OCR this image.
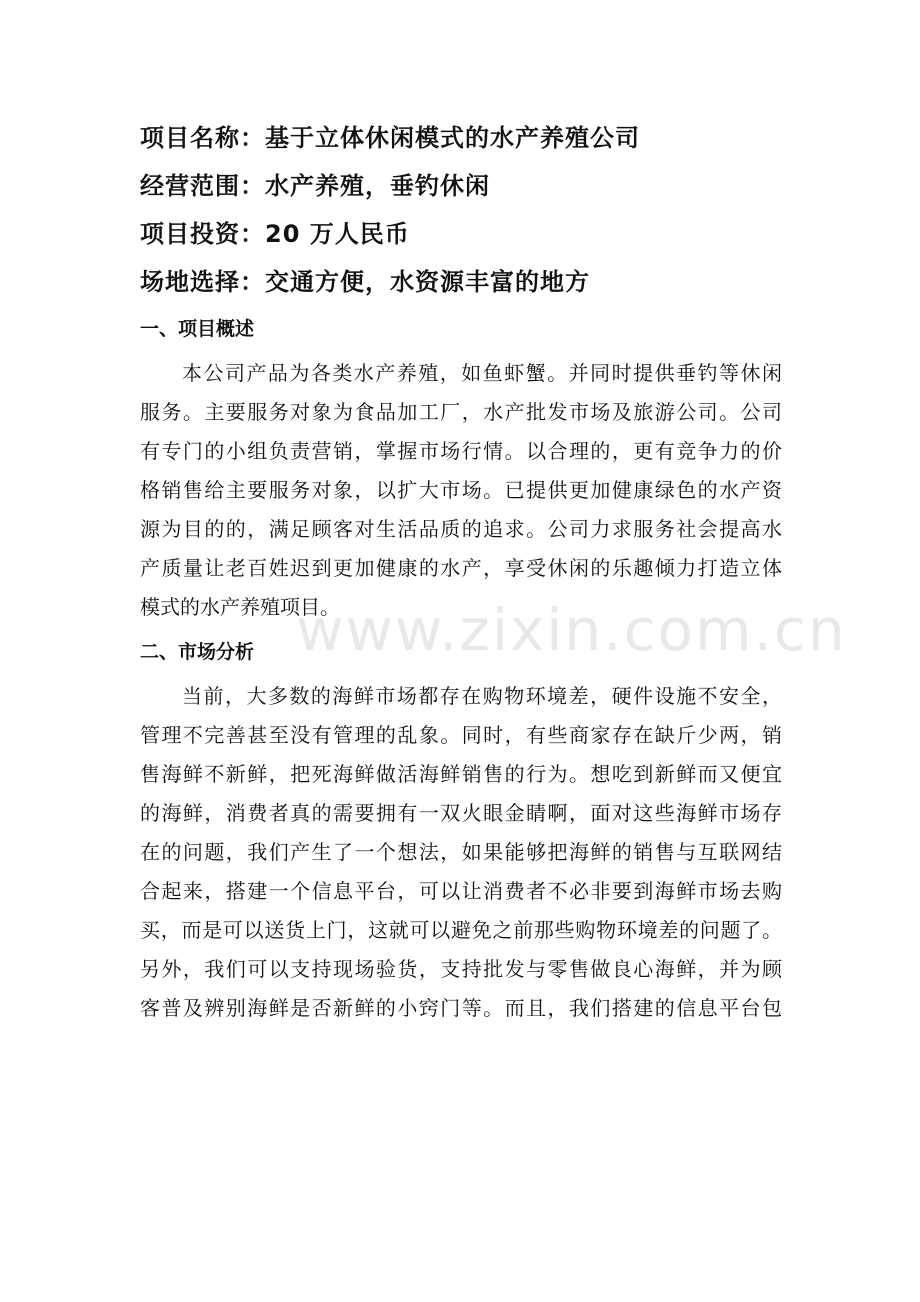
项目名称：基于立体休闲模式的水产养殖公司
经营范围：水产养殖，垂钓休闲
项目投资：20 万人民币
场地选择：交通方便，水资源丰富的地方
一、项目概述
本公司产品为各类水产养殖，如鱼虾蟹。并同时提供垂钓等休闲
服务。主要服务对象为食品加工厂，水产批发市场及旅游公司。公司
有专门的小组负责营销，掌握市场行情。以合理的，更有竞争力的价
格销售给主要服务对象，以扩大市场。已提供更加健康绿色的水产资
源为目的的，满足顾客对生活品质的追求。公司力求服务社会提高水
产质量让老百姓迟到更加健康的水产，享受休闲的乐趣倾力打造立体
模式的水产养殖项目。
二、市场分析
当前，大多数的海鲜市场都存在购物环境差，硬件设施不安全，
管理不完善甚至没有管理的乱象。同时，有些商家存在缺斤少两，销
售海鲜不新鲜，把死海鲜做活海鲜销售的行为。想吃到新鲜而又便宜
的海鲜，消费者真的需要拥有一双火眼金睛啊，面对这些海鲜市场存
在的问题，我们产生了一个想法，如果能够把海鲜的销售与互联网结
合起来，搭建一个信息平台，可以让消费者不必非要到海鲜市场去购
买，而是可以送货上门，这就可以避免之前那些购物环境差的问题了。
另外，我们可以支持现场验货，支持批发与零售做良心海鲜，并为顾
客普及辨别海鲜是否新鲜的小窍门等。而且，我们搭建的信息平台包
www.zixin.com.cn
